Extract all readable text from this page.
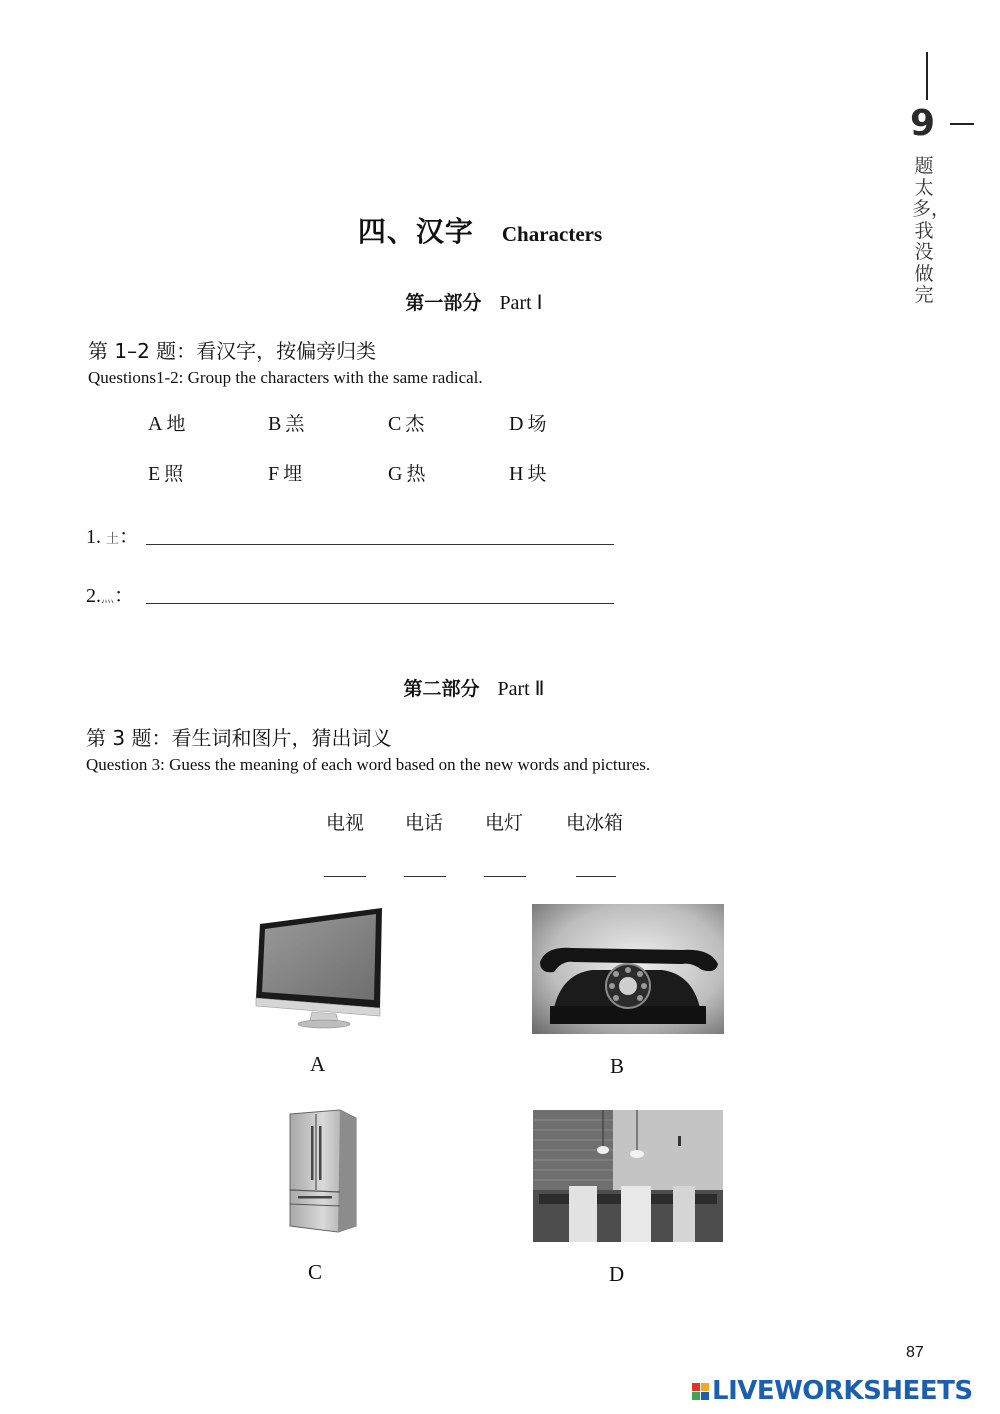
9
题太多，我没做完
四、汉字 Characters
第一部分 Part Ⅰ
第 1–2 题：看汉字，按偏旁归类
Questions1-2: Group the characters with the same radical.
A 地	B 羔	C 杰	D 场
E 照	F 埋	G 热	H 块
1. 土：
2.灬：
第二部分 Part Ⅱ
第 3 题：看生词和图片，猜出词义
Question 3: Guess the meaning of each word based on the new words and pictures.
电视 电话 电灯 电冰箱
A	B
C	D
87
LIVEWORKSHEETS
